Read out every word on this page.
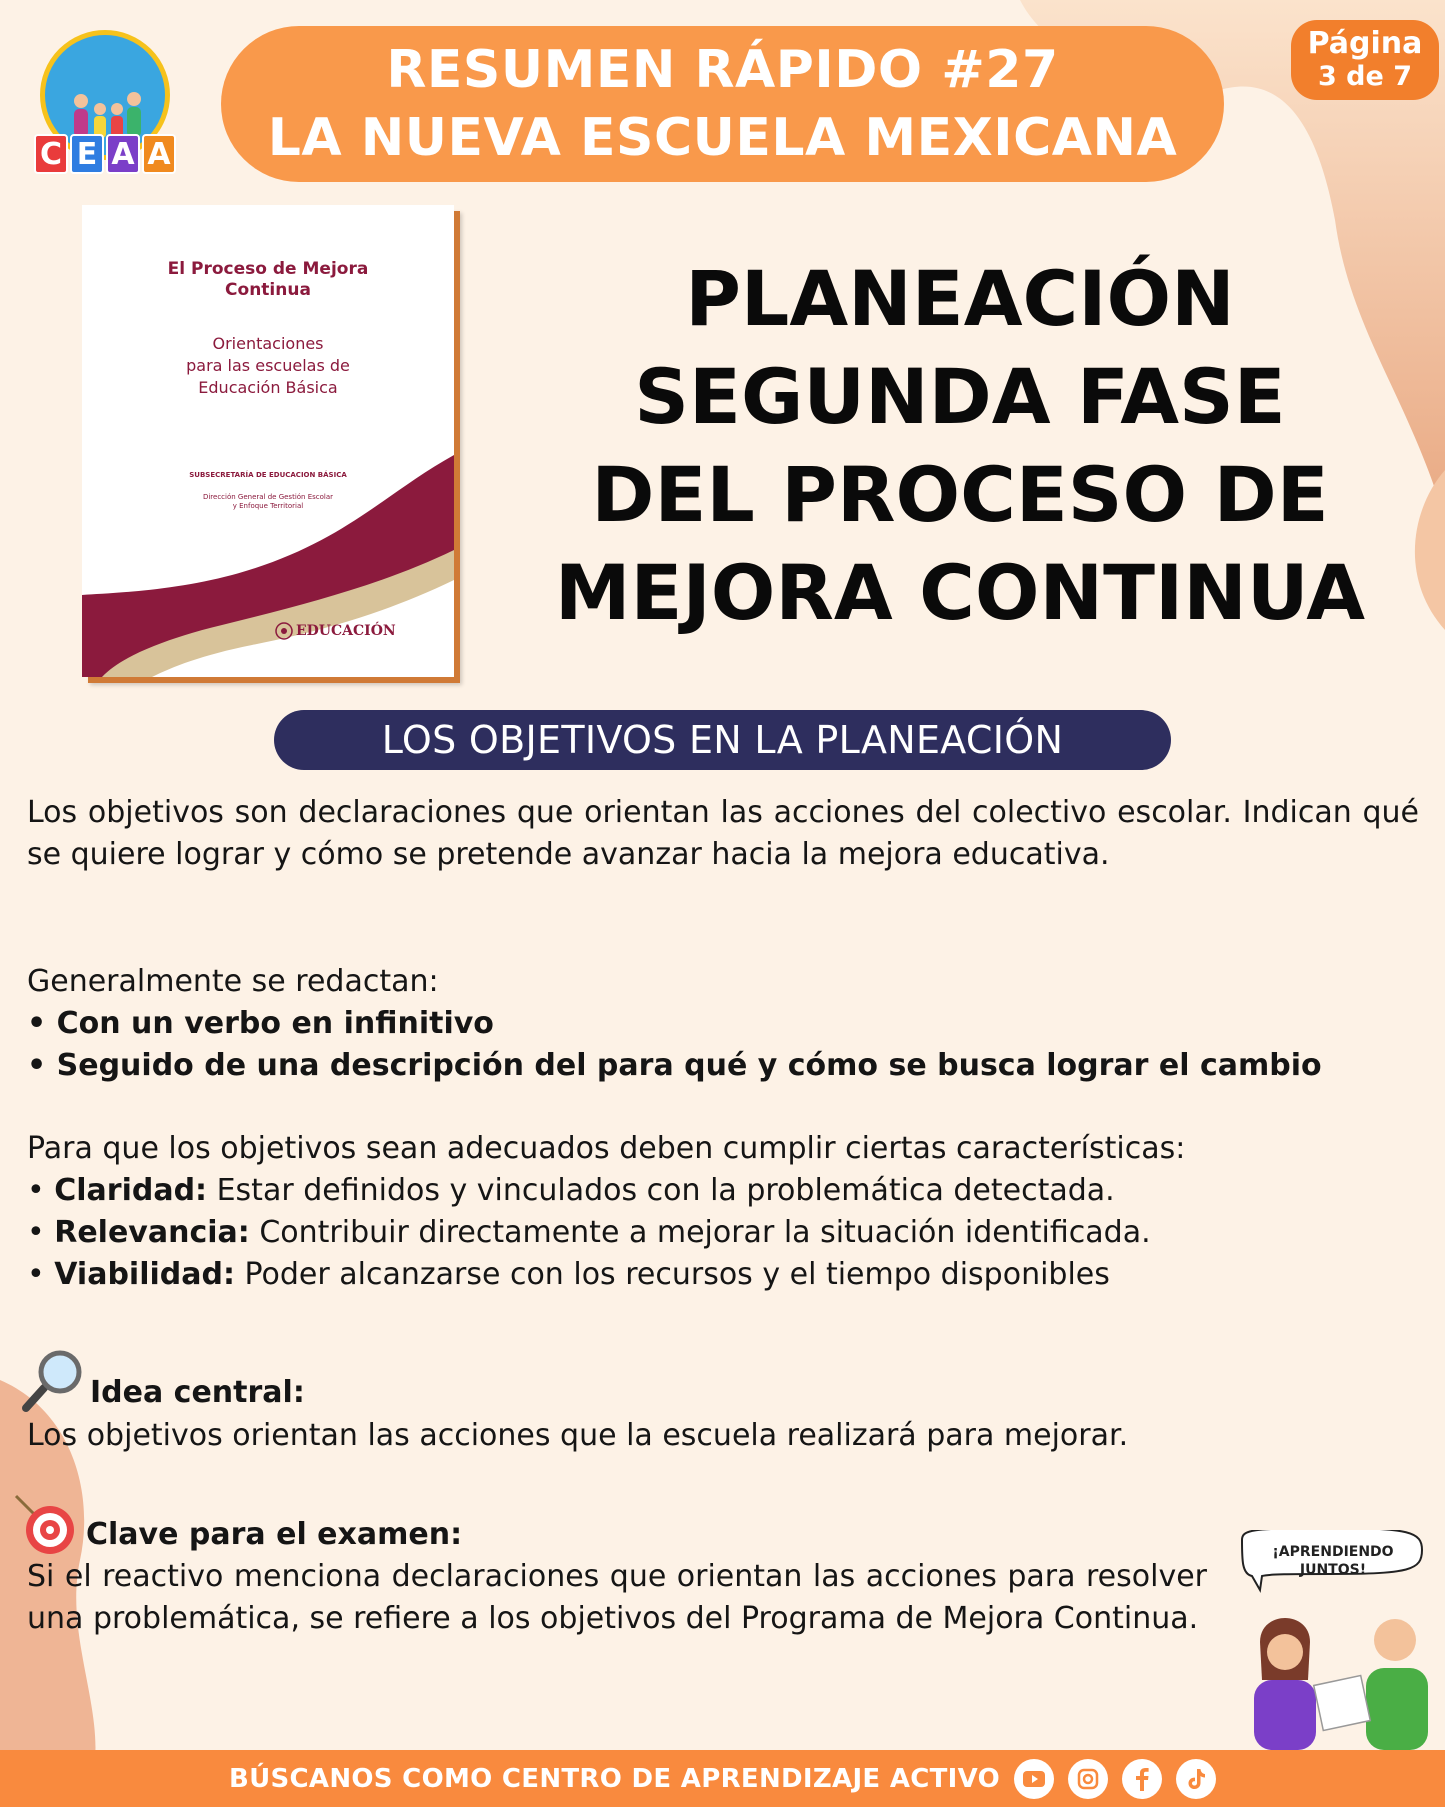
C E A A
RESUMEN RÁPIDO #27
LA NUEVA ESCUELA MEXICANA
Página
3 de 7
El Proceso de Mejora
Continua
Orientaciones
para las escuelas de
Educación Básica
SUBSECRETARÍA DE EDUCACION BÁSICA
Dirección General de Gestión Escolar
y Enfoque Territorial
EDUCACIÓN
PLANEACIÓN
SEGUNDA FASE
DEL PROCESO DE
MEJORA CONTINUA
LOS OBJETIVOS EN LA PLANEACIÓN
Los objetivos son declaraciones que orientan las acciones del colectivo escolar. Indican qué se quiere lograr y cómo se pretende avanzar hacia la mejora educativa.
Generalmente se redactan:
• Con un verbo en infinitivo
• Seguido de una descripción del para qué y cómo se busca lograr el cambio
Para que los objetivos sean adecuados deben cumplir ciertas características:
• Claridad: Estar definidos y vinculados con la problemática detectada.
• Relevancia: Contribuir directamente a mejorar la situación identificada.
• Viabilidad: Poder alcanzarse con los recursos y el tiempo disponibles
Idea central:
Los objetivos orientan las acciones que la escuela realizará para mejorar.
Clave para el examen:
Si el reactivo menciona declaraciones que orientan las acciones para resolver una problemática, se refiere a los objetivos del Programa de Mejora Continua.
¡APRENDIENDO
JUNTOS!
BÚSCANOS COMO CENTRO DE APRENDIZAJE ACTIVO
